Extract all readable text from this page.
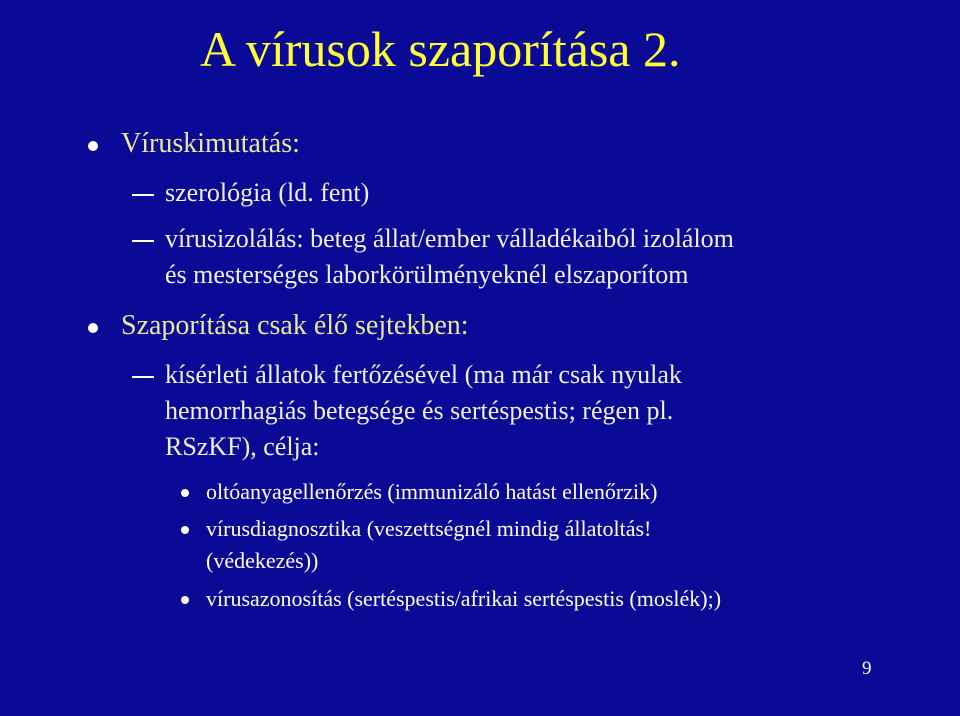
A vírusok szaporítása 2.
Víruskimutatás:
szerológia (ld. fent)
vírusizolálás: beteg állat/ember válladékaiból izolálom
és mesterséges laborkörülményeknél elszaporítom
Szaporítása csak élő sejtekben:
kísérleti állatok fertőzésével (ma már csak nyulak
hemorrhagiás betegsége és sertéspestis; régen pl.
RSzKF), célja:
oltóanyagellenőrzés (immunizáló hatást ellenőrzik)
vírusdiagnosztika (veszettségnél mindig állatoltás!
(védekezés))
vírusazonosítás (sertéspestis/afrikai sertéspestis (moslék);)
9
